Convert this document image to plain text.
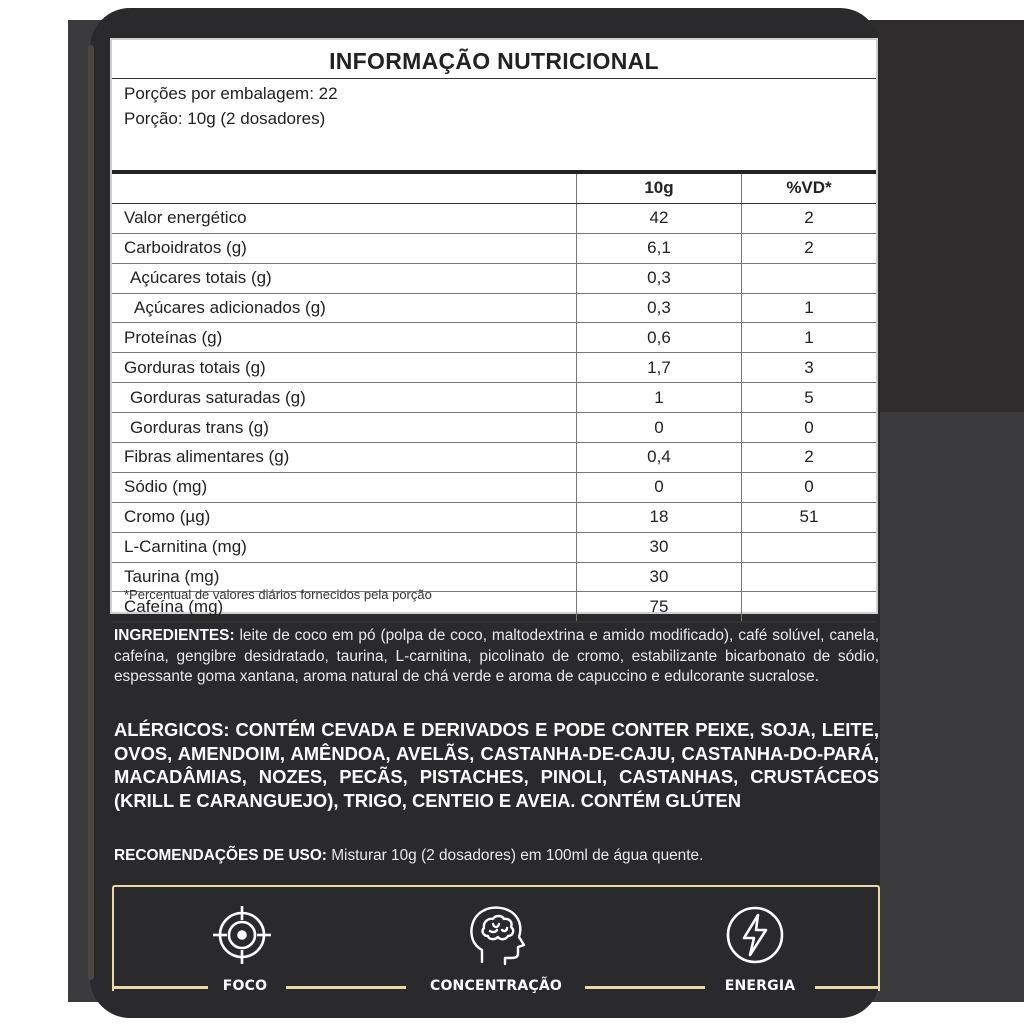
INFORMAÇÃO NUTRICIONAL
Porções por embalagem: 22
Porção: 10g (2 dosadores)
	10g	%VD*
Valor energético	42	2
Carboidratos (g)	6,1	2
Açúcares totais (g)	0,3	
Açúcares adicionados (g)	0,3	1
Proteínas (g)	0,6	1
Gorduras totais (g)	1,7	3
Gorduras saturadas (g)	1	5
Gorduras trans (g)	0	0
Fibras alimentares (g)	0,4	2
Sódio (mg)	0	0
Cromo (µg)	18	51
L-Carnitina (mg)	30	
Taurina (mg)	30	
Cafeína (mg)	75	
*Percentual de valores diários fornecidos pela porção
INGREDIENTES: leite de coco em pó (polpa de coco, maltodextrina e amido modificado), café solúvel, canela, cafeína, gengibre desidratado, taurina, L-carnitina, picolinato de cromo, estabilizante bicarbonato de sódio, espessante goma xantana, aroma natural de chá verde e aroma de capuccino e edulcorante sucralose.
ALÉRGICOS: CONTÉM CEVADA E DERIVADOS E PODE CONTER PEIXE, SOJA, LEITE, OVOS, AMENDOIM, AMÊNDOA, AVELÃS, CASTANHA-DE-CAJU, CASTANHA-DO-PARÁ, MACADÂMIAS, NOZES, PECÃS, PISTACHES, PINOLI, CASTANHAS, CRUSTÁCEOS (KRILL E CARANGUEJO), TRIGO, CENTEIO E AVEIA. CONTÉM GLÚTEN
RECOMENDAÇÕES DE USO: Misturar 10g (2 dosadores) em 100ml de água quente.
FOCO	CONCENTRAÇÃO	ENERGIA
